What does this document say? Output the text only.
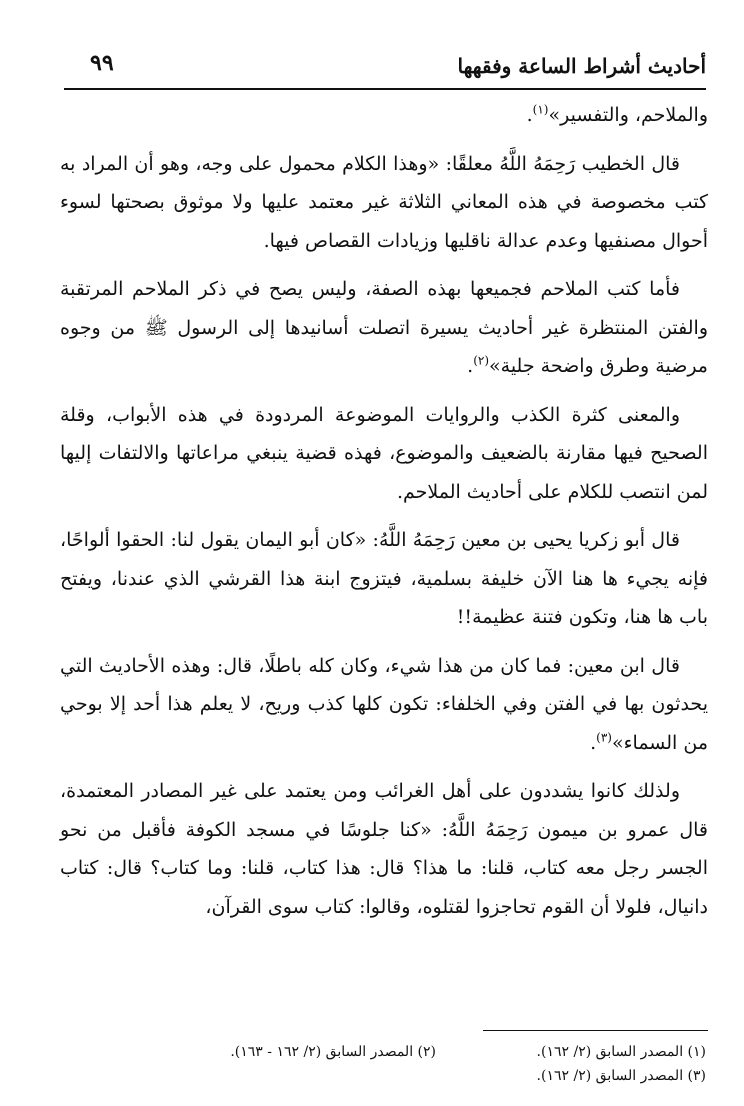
أحاديث أشراط الساعة وفقهها
٩٩

والملاحم، والتفسير»$^{(١)}$.

قال الخطيب رَحِمَهُ اللَّهُ معلقًا: «وهذا الكلام محمول على وجه، وهو أن المراد به كتب مخصوصة في هذه المعاني الثلاثة غير معتمد عليها ولا موثوق بصحتها لسوء أحوال مصنفيها وعدم عدالة ناقليها وزيادات القصاص فيها.

فأما كتب الملاحم فجميعها بهذه الصفة، وليس يصح في ذكر الملاحم المرتقبة والفتن المنتظرة غير أحاديث يسيرة اتصلت أسانيدها إلى الرسول ﷺ من وجوه مرضية وطرق واضحة جلية»$^{(٢)}$.

والمعنى كثرة الكذب والروايات الموضوعة المردودة في هذه الأبواب، وقلة الصحيح فيها مقارنة بالضعيف والموضوع، فهذه قضية ينبغي مراعاتها والالتفات إليها لمن انتصب للكلام على أحاديث الملاحم.

قال أبو زكريا يحيى بن معين رَحِمَهُ اللَّهُ: «كان أبو اليمان يقول لنا: الحقوا ألواحًا، فإنه يجيء ها هنا الآن خليفة بسلمية، فيتزوج ابنة هذا القرشي الذي عندنا، ويفتح باب ها هنا، وتكون فتنة عظيمة!!

قال ابن معين: فما كان من هذا شيء، وكان كله باطلًا، قال: وهذه الأحاديث التي يحدثون بها في الفتن وفي الخلفاء: تكون كلها كذب وريح، لا يعلم هذا أحد إلا بوحي من السماء»$^{(٣)}$.

ولذلك كانوا يشددون على أهل الغرائب ومن يعتمد على غير المصادر المعتمدة، قال عمرو بن ميمون رَحِمَهُ اللَّهُ: «كنا جلوسًا في مسجد الكوفة فأقبل من نحو الجسر رجل معه كتاب، قلنا: ما هذا؟ قال: هذا كتاب، قلنا: وما كتاب؟ قال: كتاب دانيال، فلولا أن القوم تحاجزوا لقتلوه، وقالوا: كتاب سوى القرآن،

(١) المصدر السابق (٢/ ١٦٢).
(٢) المصدر السابق (٢/ ١٦٢ - ١٦٣).
(٣) المصدر السابق (٢/ ١٦٢).
